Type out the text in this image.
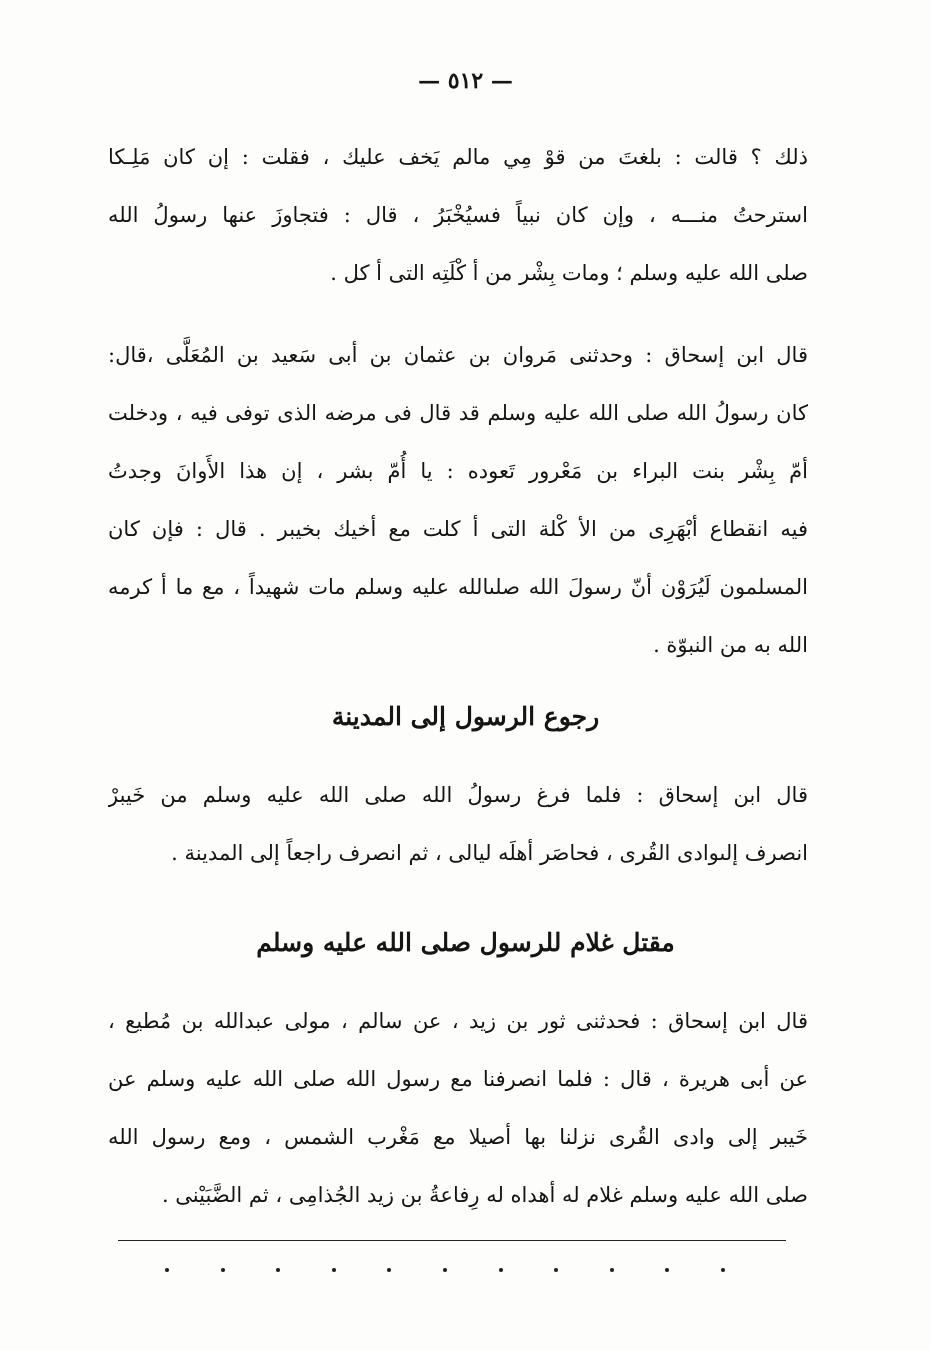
— ٥١٢ —
ذلك ؟ قالت : بلغتَ من قوْ مِي مالم يَخف عليك ، فقلت : إن كان مَلِـكا
استرحتُ منـــه ، وإن كان نبياً فسيُخْبَرُ ، قال : فتجاوزَ عنها رسولُ الله
صلى الله عليه وسلم ؛ ومات بِشْر من أ كْلَتِه التى أ كل .
قال ابن إسحاق : وحدثنى مَروان بن عثمان بن أبى سَعيد بن المُعَلَّى ،قال:
كان رسولُ الله صلى الله عليه وسلم قد قال فى مرضه الذى توفى فيه ، ودخلت
أمّ بِشْر بنت البراء بن مَعْرور تَعوده : يا أُمّ بشر ، إن هذا الأَوانَ وجدتُ
فيه انقطاع أبْهَرِى من الأ كْلة التى أ كلت مع أخيك بخيبر . قال : فإن كان
المسلمون لَيُرَوْن أنّ رسولَ الله صلىالله عليه وسلم مات شهيداً ، مع ما أ كرمه
الله به من النبوّة .
رجوع الرسول إلى المدينة
قال ابن إسحاق : فلما فرغ رسولُ الله صلى الله عليه وسلم من خَيبرْ
انصرف إلىوادى القُرى ، فحاصَر أهلَه ليالى ، ثم انصرف راجعاً إلى المدينة .
مقتل غلام للرسول صلى الله عليه وسلم
قال ابن إسحاق : فحدثنى ثور بن زيد ، عن سالم ، مولى عبدالله بن مُطيع ،
عن أبى هريرة ، قال : فلما انصرفنا مع رسول الله صلى الله عليه وسلم عن
خَيبر إلى وادى القُرى نزلنا بها أصيلا مع مَغْرب الشمس ، ومع رسول الله
صلى الله عليه وسلم غلام له أهداه له رِفاعةُ بن زيد الجُذامِى ، ثم الضَّبَيْنى .
